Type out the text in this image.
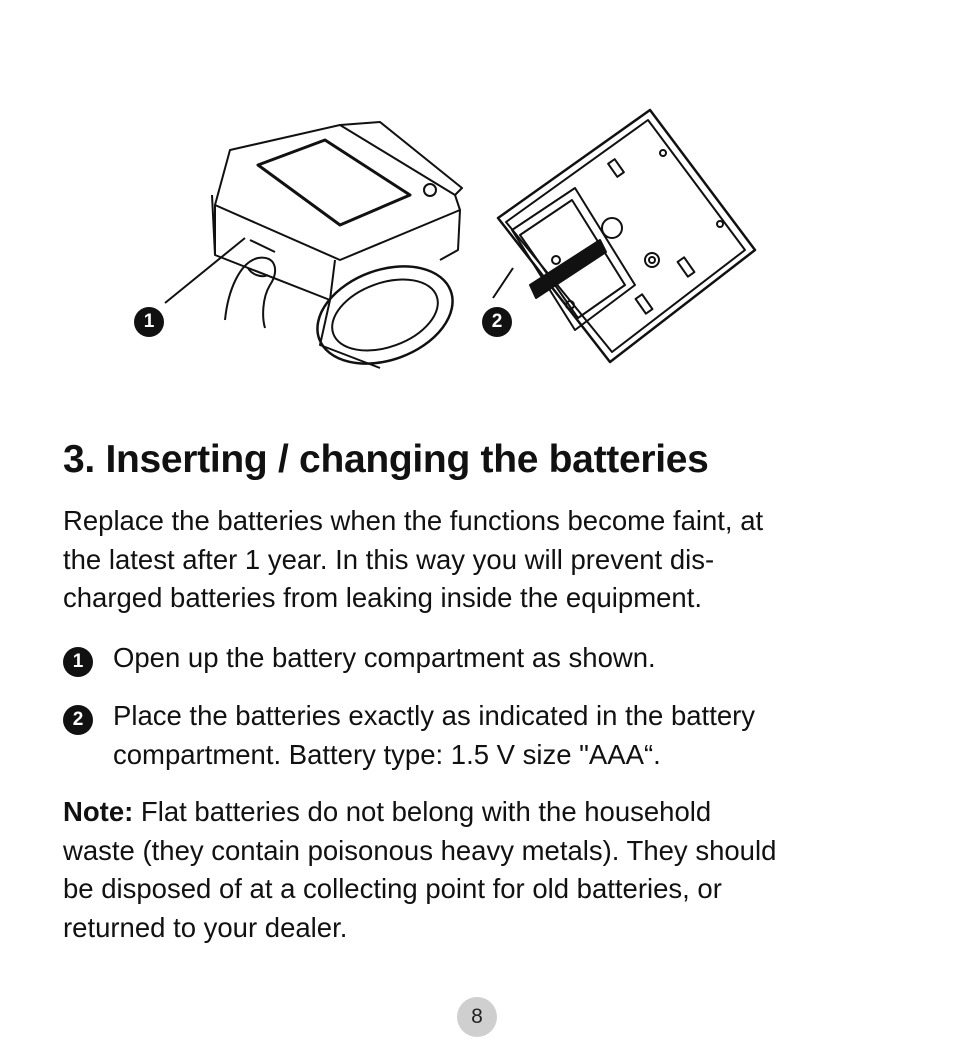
1	2
3. Inserting / changing the batteries

Replace the batteries when the functions become faint, at
the latest after 1 year. In this way you will prevent dis-
charged batteries from leaking inside the equipment.

1	Open up the battery compartment as shown.
2	Place the batteries exactly as indicated in the battery
compartment. Battery type: 1.5 V size "AAA“.

Note: Flat batteries do not belong with the household
waste (they contain poisonous heavy metals). They should
be disposed of at a collecting point for old batteries, or
returned to your dealer.

8
